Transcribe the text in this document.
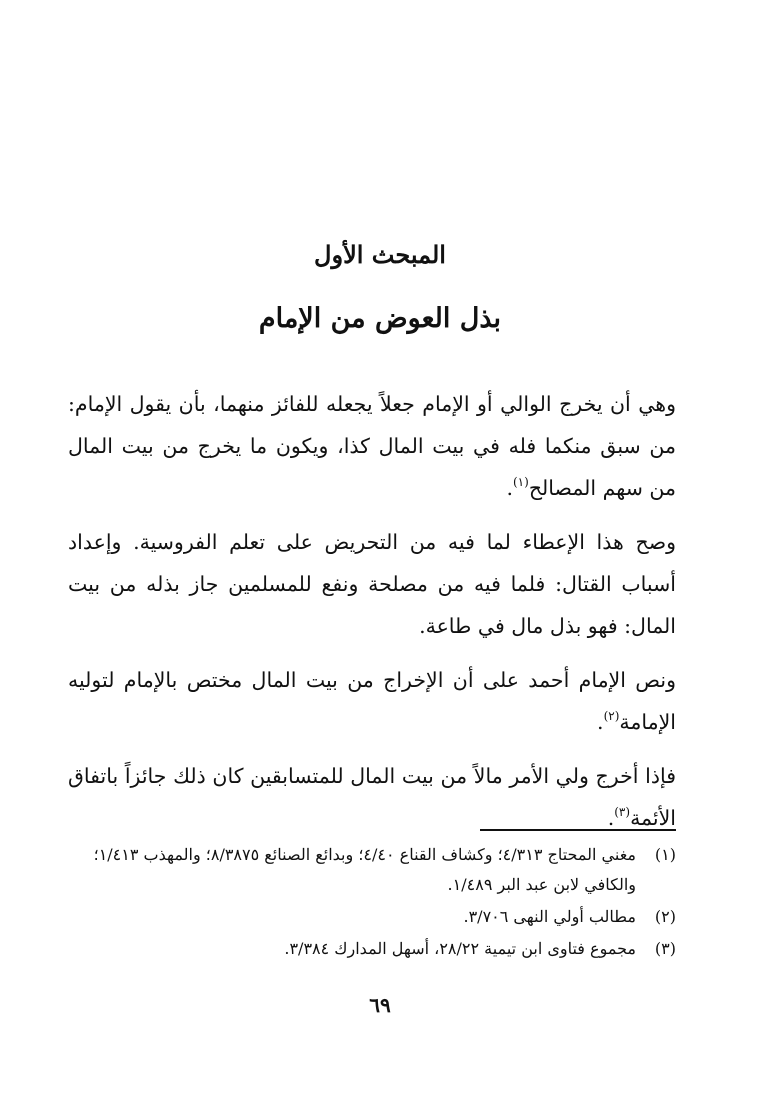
المبحث الأول
بذل العوض من الإمام

وهي أن يخرج الوالي أو الإمام جعلاً يجعله للفائز منهما، بأن يقول الإمام: من سبق منكما فله في بيت المال كذا، ويكون ما يخرج من بيت المال من سهم المصالح$^{(١)}$.

وصح هذا الإعطاء لما فيه من التحريض على تعلم الفروسية. وإعداد أسباب القتال: فلما فيه من مصلحة ونفع للمسلمين جاز بذله من بيت المال: فهو بذل مال في طاعة.

ونص الإمام أحمد على أن الإخراج من بيت المال مختص بالإمام لتوليه الإمامة$^{(٢)}$.

فإذا أخرج ولي الأمر مالاً من بيت المال للمتسابقين كان ذلك جائزاً باتفاق الأئمة$^{(٣)}$.

(١)
مغني المحتاج ٤/٣١٣؛ وكشاف القناع ٤/٤٠؛ وبدائع الصنائع ٨/٣٨٧٥؛ والمهذب ١/٤١٣؛ والكافي لابن عبد البر ١/٤٨٩.
(٢)
مطالب أولي النهى ٣/٧٠٦.
(٣)
مجموع فتاوى ابن تيمية ٢٨/٢٢، أسهل المدارك ٣/٣٨٤.
٦٩
